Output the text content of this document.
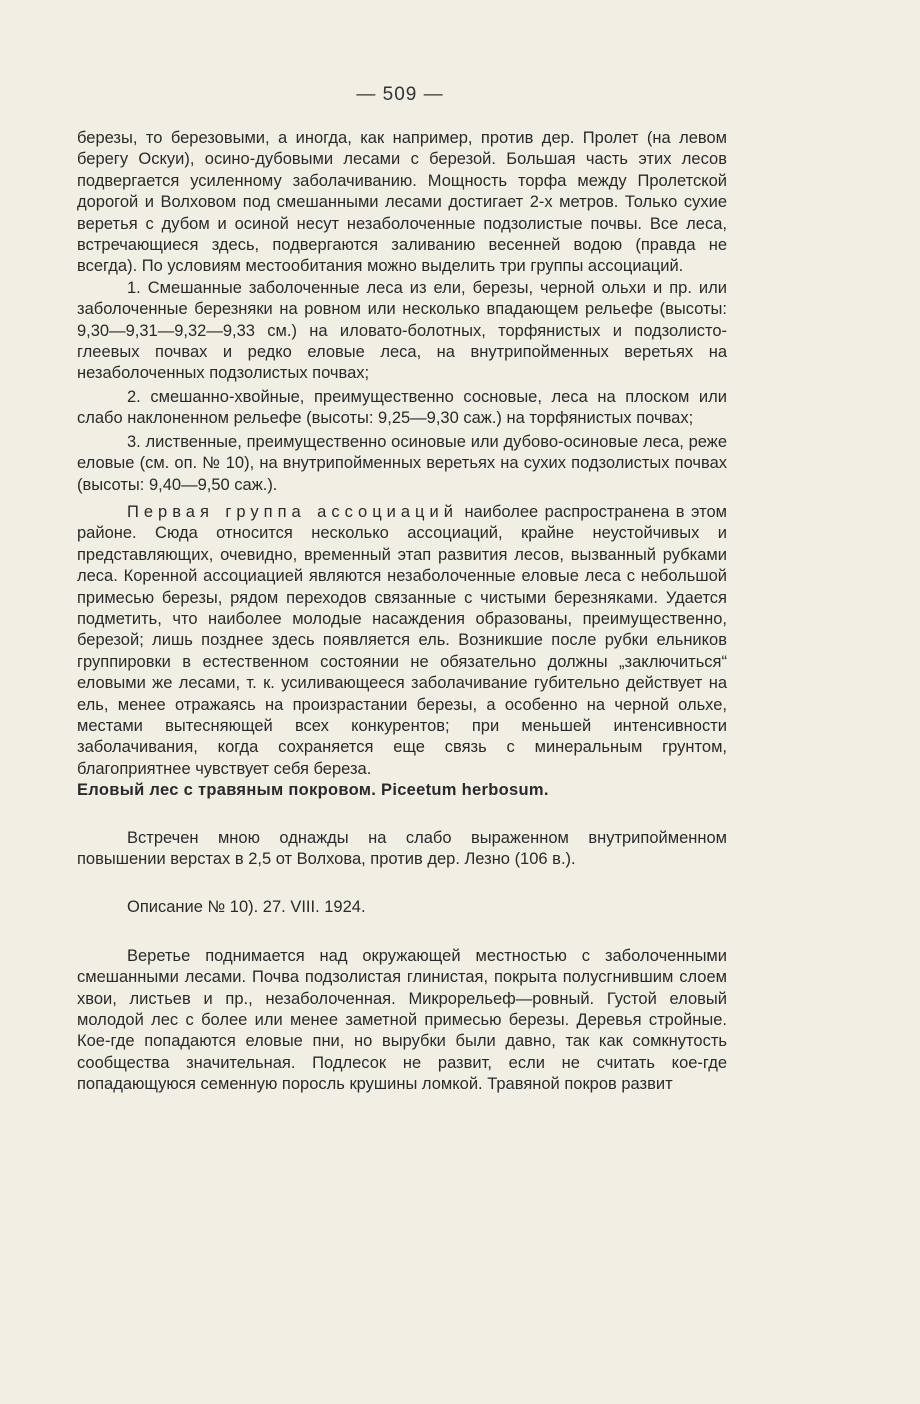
— 509 —

березы, то березовыми, а иногда, как например, против дер. Пролет (на левом берегу Оскуи), осино-дубовыми лесами с березой. Большая часть этих лесов подвергается усиленному заболачиванию. Мощность торфа между Пролетской дорогой и Волховом под смешанными лесами достигает 2-х метров. Только сухие веретья с дубом и осиной несут незаболоченные подзолистые почвы. Все леса, встречающиеся здесь, подвергаются заливанию весенней водою (правда не всегда). По условиям местообитания можно выделить три группы ассоциаций.

1. Смешанные заболоченные леса из ели, березы, черной ольхи и пр. или заболоченные березняки на ровном или несколько впадающем рельефе (высоты: 9,30—9,31—9,32—9,33 см.) на иловато-болотных, торфянистых и подзолисто-глеевых почвах и редко еловые леса, на внутрипойменных веретьях на незаболоченных подзолистых почвах;

2. смешанно-хвойные, преимущественно сосновые, леса на плоском или слабо наклоненном рельефе (высоты: 9,25—9,30 саж.) на торфянистых почвах;

3. лиственные, преимущественно осиновые или дубово-осиновые леса, реже еловые (см. оп. № 10), на внутрипойменных веретьях на сухих подзолистых почвах (высоты: 9,40—9,50 саж.).

Первая группа ассоциаций наиболее распространена в этом районе. Сюда относится несколько ассоциаций, крайне неустойчивых и представляющих, очевидно, временный этап развития лесов, вызванный рубками леса. Коренной ассоциацией являются незаболоченные еловые леса с небольшой примесью березы, рядом переходов связанные с чистыми березняками. Удается подметить, что наиболее молодые насаждения образованы, преимущественно, березой; лишь позднее здесь появляется ель. Возникшие после рубки ельников группировки в естественном состоянии не обязательно должны „заключиться“ еловыми же лесами, т. к. усиливающееся заболачивание губительно действует на ель, менее отражаясь на произрастании березы, а особенно на черной ольхе, местами вытесняющей всех конкурентов; при меньшей интенсивности заболачивания, когда сохраняется еще связь с минеральным грунтом, благоприятнее чувствует себя береза.

Еловый лес с травяным покровом. Piceetum herbosum.

Встречен мною однажды на слабо выраженном внутрипойменном повышении верстах в 2,5 от Волхова, против дер. Лезно (106 в.).

Описание № 10). 27. VIII. 1924.

Веретье поднимается над окружающей местностью с заболоченными смешанными лесами. Почва подзолистая глинистая, покрыта полусгнившим слоем хвои, листьев и пр., незаболоченная. Микрорельеф—ровный. Густой еловый молодой лес с более или менее заметной примесью березы. Деревья стройные. Кое-где попадаются еловые пни, но вырубки были давно, так как сомкнутость сообщества значительная. Подлесок не развит, если не считать кое-где попадающуюся семенную поросль крушины ломкой. Травяной покров развит
